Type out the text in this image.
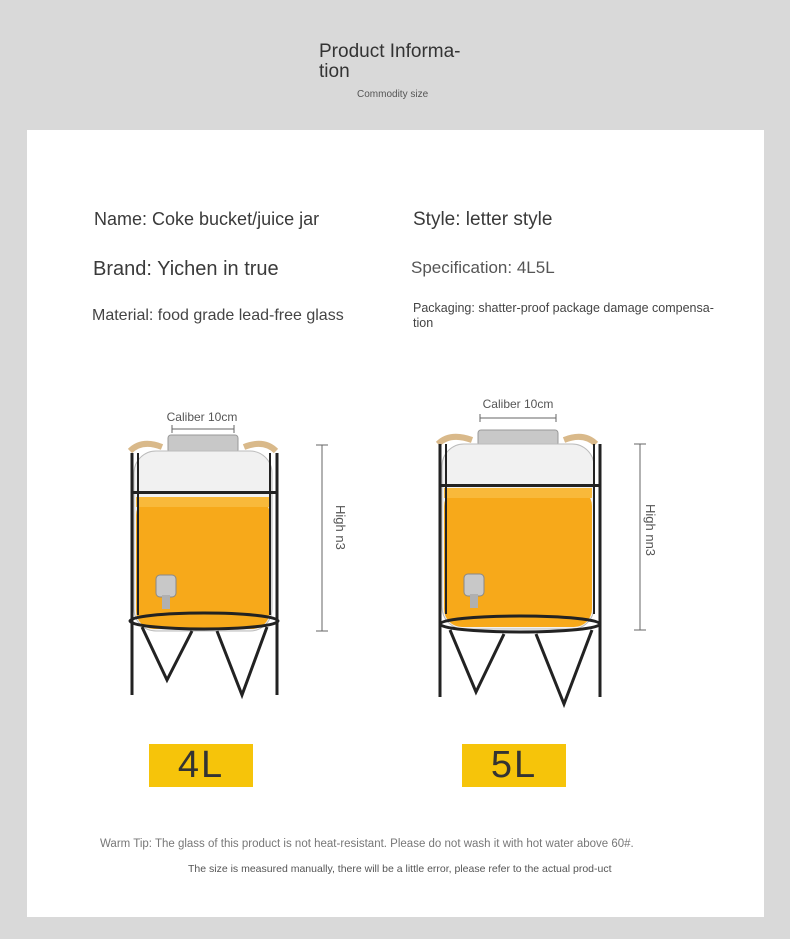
Product Informa-tion
Commodity size
Name: Coke bucket/juice jar	Style: letter style
Brand: Yichen in true	Specification: 4L5L
Material: food grade lead-free glass	Packaging: shatter-proof package damage compensa-tion
Caliber 10cm
High n3
Caliber 10cm
High nn3
4L	5L
Warm Tip: The glass of this product is not heat-resistant. Please do not wash it with hot water above 60#.
The size is measured manually, there will be a little error, please refer to the actual prod-uct
